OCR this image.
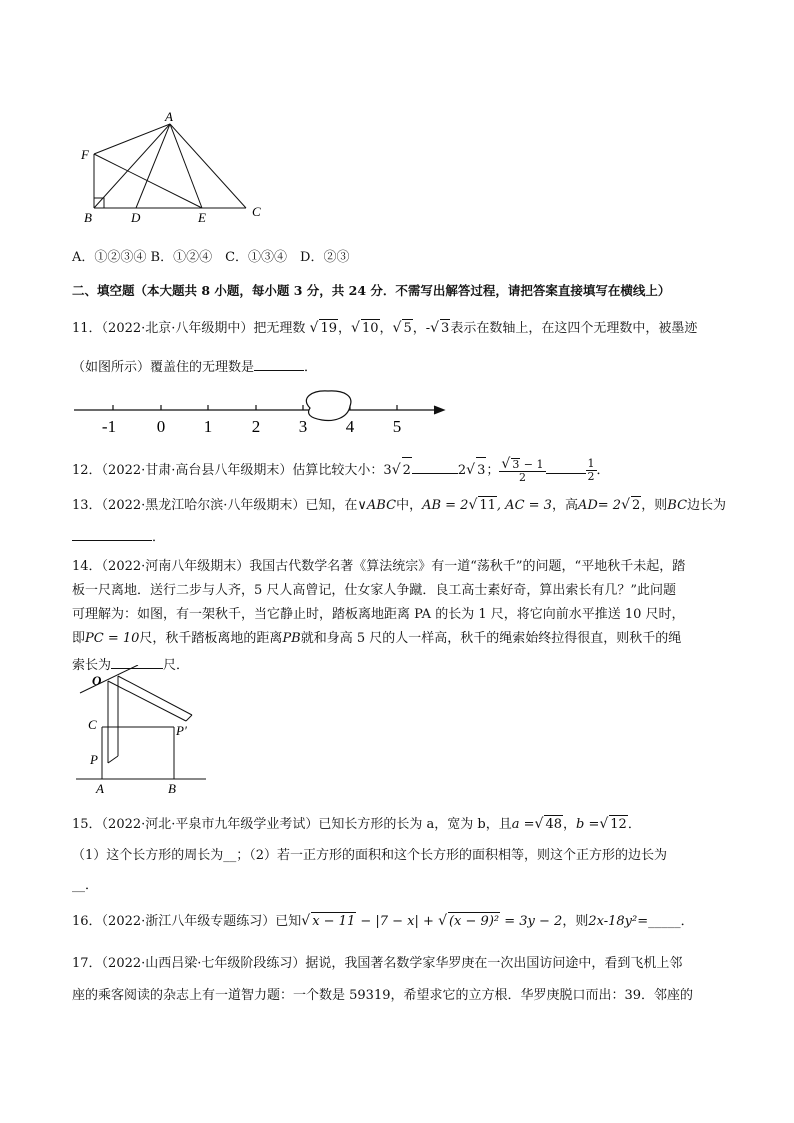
A
F
B	D	E	C
A．①②③④ B．①②④　C．①③④　D．②③
二、填空题（本大题共 8 小题，每小题 3 分，共 24 分．不需写出解答过程，请把答案直接填写在横线上）
11．（2022·北京·八年级期中）把无理数 √ 19，√ 10，√ 5，-√ 3表示在数轴上，在这四个无理数中，被墨迹
（如图所示）覆盖住的无理数是	．
-1 0 1 2 3 4 5
12．（2022·甘肃·高台县八年级期末）估算比较大小：3√ 2	2√ 3； $\frac{√ 3 - 1}{2}$	$\frac{1}{2}$ ．
13．（2022·黑龙江哈尔滨·八年级期末）已知，在∨ABC中，AB = 2√ 11, AC = 3，高AD= 2√ 2，则BC边长为
．
14．（2022·河南八年级期末）我国古代数学名著《算法统宗》有一道“荡秋千”的问题，“平地秋千未起，踏
板一尺离地．送行二步与人齐，5 尺人高曾记，仕女家人争蹴．良工高士素好奇，算出索长有几？”此问题
可理解为：如图，有一架秋千，当它静止时，踏板离地距离 PA 的长为 1 尺，将它向前水平推送 10 尺时，
即PC = 10尺，秋千踏板离地的距离PB就和身高 5 尺的人一样高，秋千的绳索始终拉得很直，则秋千的绳
索长为	尺．
O
C	P′
P
A	B
15．（2022·河北·平泉市九年级学业考试）已知长方形的长为 a，宽为 b，且a =√ 48，b =√ 12．
（1）这个长方形的周长为__；（2）若一正方形的面积和这个长方形的面积相等，则这个正方形的边长为
__．
16．（2022·浙江八年级专题练习）已知√ x − 11 − |7 − x| + √ (x − 9)² = 3y − 2，则2x-18y²=_____．
17．（2022·山西吕梁·七年级阶段练习）据说，我国著名数学家华罗庚在一次出国访问途中，看到飞机上邻
座的乘客阅读的杂志上有一道智力题：一个数是 59319，希望求它的立方根．华罗庚脱口而出：39．邻座的
